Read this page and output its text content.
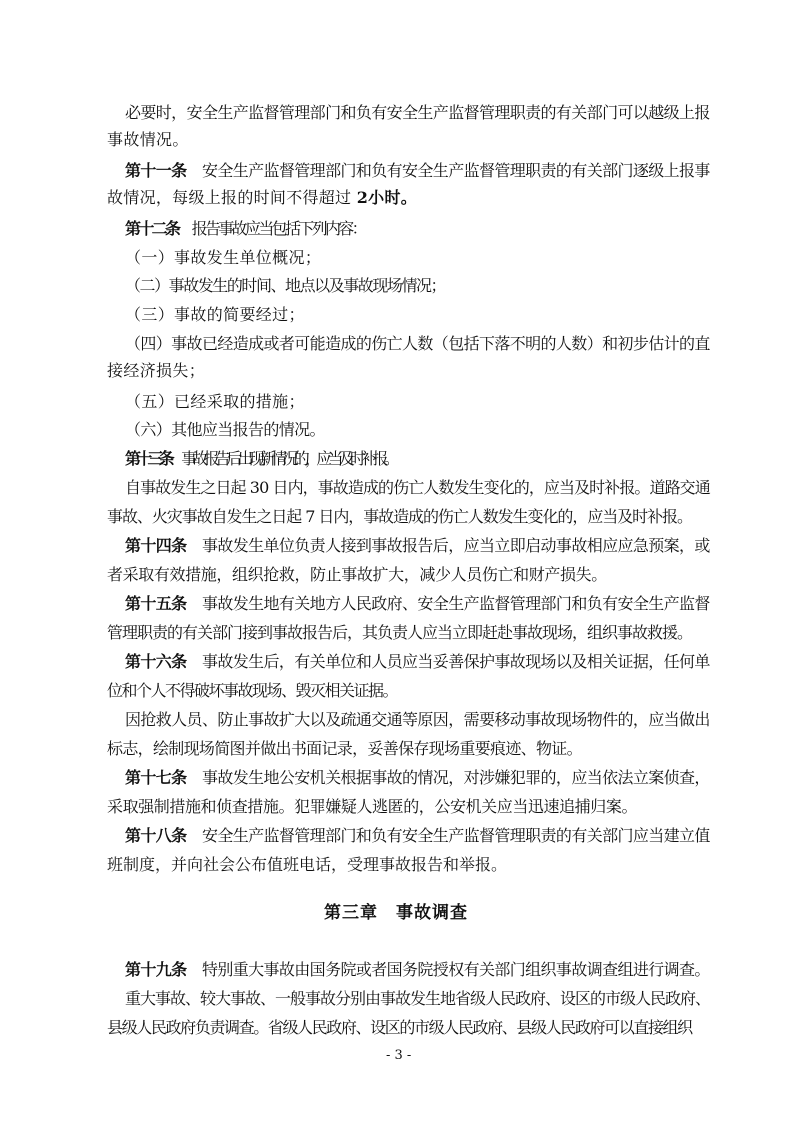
必要时，安全生产监督管理部门和负有安全生产监督管理职责的有关部门可以越级上报
事故情况。
第十一条　 安全生产监督管理部门和负有安全生产监督管理职责的有关部门逐级上报事
故情况，每级上报的时间不得超过 2小时。
第十二条　 报告事故应当包括下列内容：
（一）事故发生单位概况；
（二）事故发生的时间、地点以及事故现场情况；
（三）事故的简要经过；
（四）事故已经造成或者可能造成的伤亡人数（包括下落不明的人数）和初步估计的直
接经济损失；
（五）已经采取的措施；
（六）其他应当报告的情况。
第十三条　 事故报告后出现新情况的，应当及时补报。
自事故发生之日起 30 日内，事故造成的伤亡人数发生变化的，应当及时补报。道路交通
事故、火灾事故自发生之日起 7 日内，事故造成的伤亡人数发生变化的，应当及时补报。
第十四条　 事故发生单位负责人接到事故报告后，应当立即启动事故相应应急预案，或
者采取有效措施，组织抢救，防止事故扩大，减少人员伤亡和财产损失。
第十五条　 事故发生地有关地方人民政府、安全生产监督管理部门和负有安全生产监督
管理职责的有关部门接到事故报告后，其负责人应当立即赶赴事故现场，组织事故救援。
第十六条　 事故发生后，有关单位和人员应当妥善保护事故现场以及相关证据，任何单
位和个人不得破坏事故现场、毁灭相关证据。
因抢救人员、防止事故扩大以及疏通交通等原因，需要移动事故现场物件的，应当做出
标志，绘制现场简图并做出书面记录，妥善保存现场重要痕迹、物证。
第十七条　 事故发生地公安机关根据事故的情况，对涉嫌犯罪的，应当依法立案侦查，
采取强制措施和侦查措施。犯罪嫌疑人逃匿的，公安机关应当迅速追捕归案。
第十八条　 安全生产监督管理部门和负有安全生产监督管理职责的有关部门应当建立值
班制度，并向社会公布值班电话，受理事故报告和举报。
第三章　事故调查
第十九条　 特别重大事故由国务院或者国务院授权有关部门组织事故调查组进行调查。
重大事故、较大事故、一般事故分别由事故发生地省级人民政府、设区的市级人民政府、
县级人民政府负责调查。省级人民政府、设区的市级人民政府、县级人民政府可以直接组织
- 3 -
